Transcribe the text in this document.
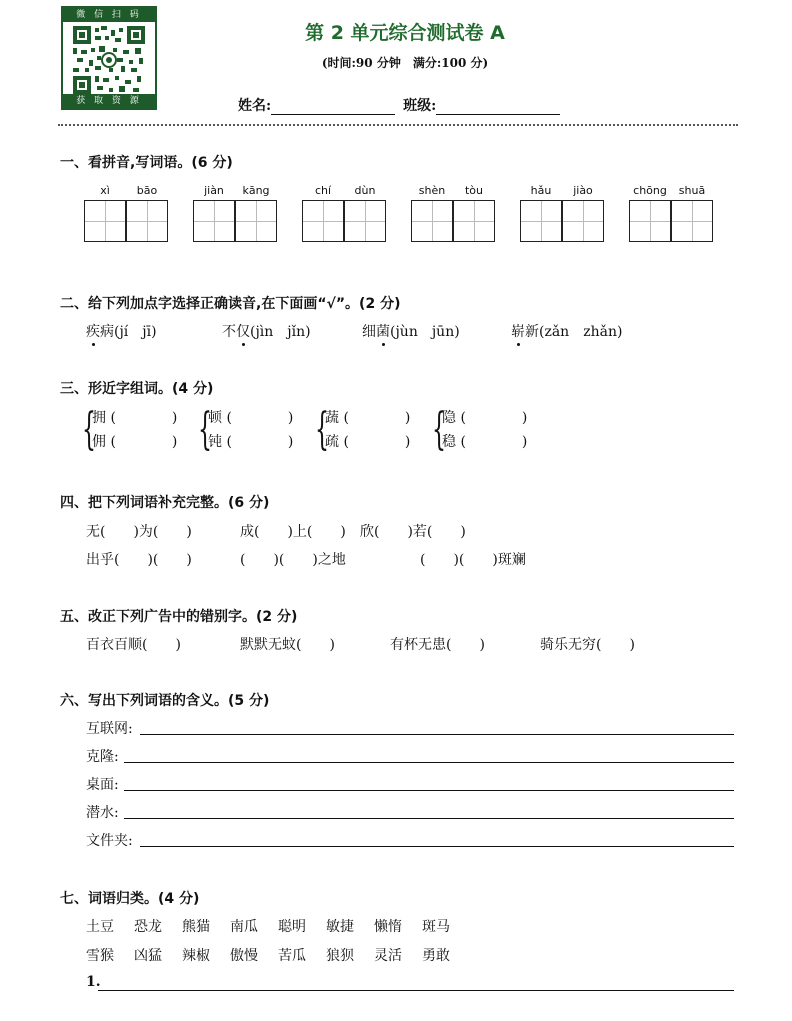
微 信 扫 码
获 取 资 源
第 2 单元综合测试卷 A
(时间:90 分钟　满分:100 分)
姓名:	班级:
一、看拼音,写词语。(6 分)
xì	bāo	jiàn	kāng	chí	dùn	shèn	tòu	hǎu	jiào	chōng	shuā
二、给下列加点字选择正确读音,在下面画“√”。(2 分)
疾 病(jí　jī)	不 仅 (jìn　jǐn)	细 菌 (jùn　jūn)	崭 新(zǎn　zhǎn)
三、形近字组词。(4 分)
{
拥 (　　　　)
佣 (　　　　) {
顿 (　　　　)
钝 (　　　　) {
蔬 (　　　　)
疏 (　　　　) {
隐 (　　　　)
稳 (　　　　)
四、把下列词语补充完整。(6 分)
无(　　)为(　　)	成(　　)上(　　) 欣(　　)若(　　)
出乎(　　)(　　)	(　　)(　　)之地	(　　)(　　)斑斓
五、改正下列广告中的错别字。(2 分)
百衣百顺(　　)	默默无蚊(　　)	有杯无患(　　)	骑乐无穷(　　)
六、写出下列词语的含义。(5 分)
互联网:
克隆:
桌面:
潜水:
文件夹:
七、词语归类。(4 分)
土豆 恐龙 熊猫 南瓜 聪明 敏捷 懒惰 斑马
雪猴 凶猛 辣椒 傲慢 苦瓜 狼狈 灵活 勇敢
1.
